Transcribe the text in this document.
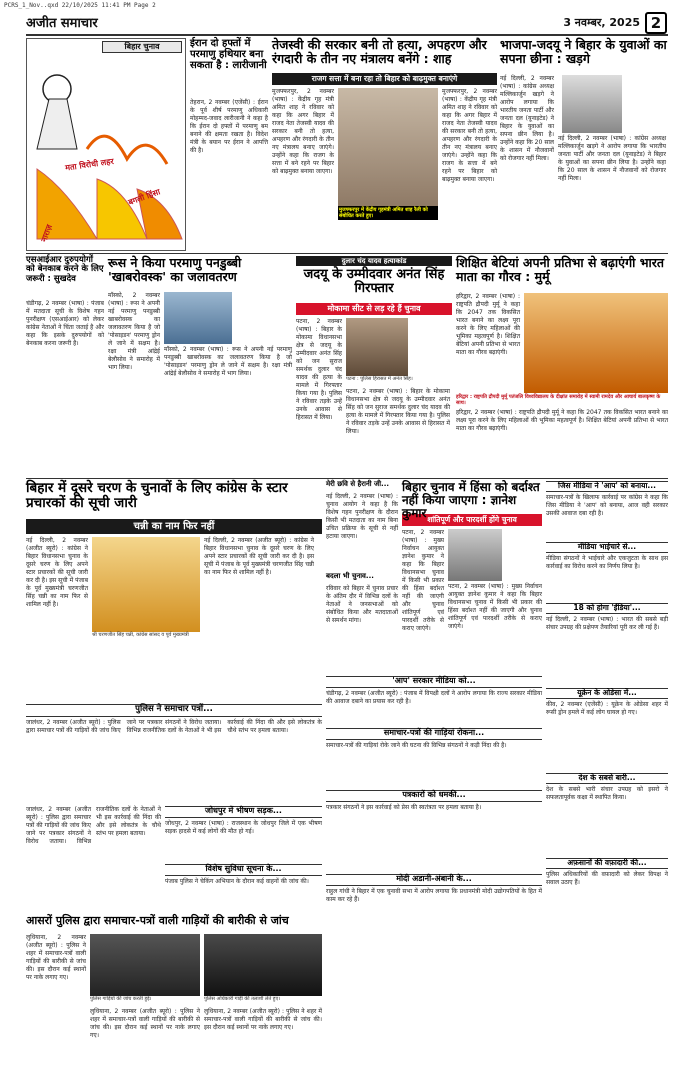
PCRS_1_Nov..qxd 22/10/2025 11:41 PM Page 2
अजीत समाचार	3 नवम्बर, 2025 2
बिहार चुनाव
मता विरोधी लहर
बगली हिंसा
नाराज़
ईरान दो हफ्तों में परमाणु हथियार बना सकता है : लारीजानी
तेहरान, 2 नवम्बर (एजेंसी) : ईरान के पूर्व शीर्ष परमाणु अधिकारी मोहम्मद-जवाद लारीजानी ने कहा है कि ईरान दो हफ्तों में परमाणु बम बनाने की क्षमता रखता है। विदेश मंत्री के बयान पर ईरान ने आपत्ति की है।
तेजस्वी की सरकार बनी तो हत्या, अपहरण और रंगदारी के तीन नए मंत्रालय बनेंगे : शाह
राजग सत्ता में बना रहा तो बिहार को बाढ़मुक्त बनाएंगे
मुजफ्फरपुर, 2 नवम्बर (भाषा) : केंद्रीय गृह मंत्री अमित शाह ने रविवार को कहा कि अगर बिहार में राजद नेता तेजस्वी यादव की सरकार बनी तो हत्या, अपहरण और रंगदारी के तीन नए मंत्रालय बनाए जाएंगे। उन्होंने कहा कि राजग के सत्ता में बने रहने पर बिहार को बाढ़मुक्त बनाया जाएगा।
मुजफ्फरपुर में केंद्रीय गृहमंत्री अमित शाह रैली को संबोधित करते हुए।
मुजफ्फरपुर, 2 नवम्बर (भाषा) : केंद्रीय गृह मंत्री अमित शाह ने रविवार को कहा कि अगर बिहार में राजद नेता तेजस्वी यादव की सरकार बनी तो हत्या, अपहरण और रंगदारी के तीन नए मंत्रालय बनाए जाएंगे। उन्होंने कहा कि राजग के सत्ता में बने रहने पर बिहार को बाढ़मुक्त बनाया जाएगा।
भाजपा-जदयू ने बिहार के युवाओं का सपना छीना : खड़गे
नई दिल्ली, 2 नवम्बर (भाषा) : कांग्रेस अध्यक्ष मल्लिकार्जुन खड़गे ने आरोप लगाया कि भारतीय जनता पार्टी और जनता दल (यूनाइटेड) ने बिहार के युवाओं का सपना छीन लिया है। उन्होंने कहा कि 20 साल के शासन में नौजवानों को रोजगार नहीं मिला।
नई दिल्ली, 2 नवम्बर (भाषा) : कांग्रेस अध्यक्ष मल्लिकार्जुन खड़गे ने आरोप लगाया कि भारतीय जनता पार्टी और जनता दल (यूनाइटेड) ने बिहार के युवाओं का सपना छीन लिया है। उन्होंने कहा कि 20 साल के शासन में नौजवानों को रोजगार नहीं मिला।
एसआईआर दुरुपयोगों को बेनकाब करने के लिए जरूरी : सुखदेव
चंडीगढ़, 2 नवम्बर (भाषा) : पंजाब में मतदाता सूची के विशेष गहन पुनरीक्षण (एसआईआर) को लेकर कांग्रेस नेताओं ने चिंता जताई है और कहा कि इसके दुरुपयोगों को बेनकाब करना जरूरी है।
रूस ने किया परमाणु पनडुब्बी 'खाबरोवस्क' का जलावतरण
मॉस्को, 2 नवम्बर (भाषा) : रूस ने अपनी नई परमाणु पनडुब्बी खाबरोवस्क का जलावतरण किया है जो 'पोसाइडन' परमाणु ड्रोन ले जाने में सक्षम है। रक्षा मंत्री आंद्रेई बेलौसोव ने समारोह में भाग लिया।
मॉस्को, 2 नवम्बर (भाषा) : रूस ने अपनी नई परमाणु पनडुब्बी खाबरोवस्क का जलावतरण किया है जो 'पोसाइडन' परमाणु ड्रोन ले जाने में सक्षम है। रक्षा मंत्री आंद्रेई बेलौसोव ने समारोह में भाग लिया।
दुलार चंद यादव हत्याकांड
जदयू के उम्मीदवार अनंत सिंह गिरफ्तार
मोकामा सीट से लड़ रहे हैं चुनाव
पटना, 2 नवम्बर (भाषा) : बिहार के मोकामा विधानसभा क्षेत्र से जदयू के उम्मीदवार अनंत सिंह को जन सुराज समर्थक दुलार चंद यादव की हत्या के मामले में गिरफ्तार किया गया है। पुलिस ने रविवार तड़के उन्हें उनके आवास से हिरासत में लिया।
पटना : पुलिस हिरासत में अनंत सिंह।
पटना, 2 नवम्बर (भाषा) : बिहार के मोकामा विधानसभा क्षेत्र से जदयू के उम्मीदवार अनंत सिंह को जन सुराज समर्थक दुलार चंद यादव की हत्या के मामले में गिरफ्तार किया गया है। पुलिस ने रविवार तड़के उन्हें उनके आवास से हिरासत में लिया।
शिक्षित बेटियां अपनी प्रतिभा से बढ़ाएंगी भारत माता का गौरव : मुर्मू
हरिद्वार, 2 नवम्बर (भाषा) : राष्ट्रपति द्रौपदी मुर्मू ने कहा कि 2047 तक विकसित भारत बनाने का लक्ष्य पूरा करने के लिए महिलाओं की भूमिका महत्वपूर्ण है। शिक्षित बेटियां अपनी प्रतिभा से भारत माता का गौरव बढ़ाएंगी।
हरिद्वार : राष्ट्रपति द्रौपदी मुर्मू पतंजलि विश्वविद्यालय के दीक्षांत समारोह में स्वामी रामदेव और आचार्य बालकृष्ण के साथ।
हरिद्वार, 2 नवम्बर (भाषा) : राष्ट्रपति द्रौपदी मुर्मू ने कहा कि 2047 तक विकसित भारत बनाने का लक्ष्य पूरा करने के लिए महिलाओं की भूमिका महत्वपूर्ण है। शिक्षित बेटियां अपनी प्रतिभा से भारत माता का गौरव बढ़ाएंगी।
बिहार में दूसरे चरण के चुनावों के लिए कांग्रेस के स्टार प्रचारकों की सूची जारी
चन्नी का नाम फिर नहीं
नई दिल्ली, 2 नवम्बर (अजीत ब्यूरो) : कांग्रेस ने बिहार विधानसभा चुनाव के दूसरे चरण के लिए अपने स्टार प्रचारकों की सूची जारी कर दी है। इस सूची में पंजाब के पूर्व मुख्यमंत्री चरणजीत सिंह चन्नी का नाम फिर से शामिल नहीं है।
श्री चरणजीत सिंह चन्नी, कांग्रेस सांसद व पूर्व मुख्यमंत्री
नई दिल्ली, 2 नवम्बर (अजीत ब्यूरो) : कांग्रेस ने बिहार विधानसभा चुनाव के दूसरे चरण के लिए अपने स्टार प्रचारकों की सूची जारी कर दी है। इस सूची में पंजाब के पूर्व मुख्यमंत्री चरणजीत सिंह चन्नी का नाम फिर से शामिल नहीं है।
मेरी छवि से हैरानी जी...
नई दिल्ली, 2 नवम्बर (भाषा) : चुनाव आयोग ने कहा है कि विशेष गहन पुनरीक्षण के दौरान किसी भी मतदाता का नाम बिना उचित प्रक्रिया के सूची से नहीं हटाया जाएगा।
बिहार चुनाव में हिंसा को बर्दाश्त नहीं किया जाएगा : ज्ञानेश कुमार शांतिपूर्ण और पारदर्शी होंगे चुनाव
पटना, 2 नवम्बर (भाषा) : मुख्य निर्वाचन आयुक्त ज्ञानेश कुमार ने कहा कि बिहार विधानसभा चुनाव में किसी भी प्रकार की हिंसा बर्दाश्त नहीं की जाएगी और चुनाव शांतिपूर्ण एवं पारदर्शी तरीके से कराए जाएंगे।
पटना, 2 नवम्बर (भाषा) : मुख्य निर्वाचन आयुक्त ज्ञानेश कुमार ने कहा कि बिहार विधानसभा चुनाव में किसी भी प्रकार की हिंसा बर्दाश्त नहीं की जाएगी और चुनाव शांतिपूर्ण एवं पारदर्शी तरीके से कराए जाएंगे।
बदला भी चुनाव...
रविवार को बिहार में चुनाव प्रचार के अंतिम दौर में विभिन्न दलों के नेताओं ने जनसभाओं को संबोधित किया और मतदाताओं से समर्थन मांगा।
जिस मीडिया ने 'आप' को बनाया...
समाचार-पत्रों के खिलाफ कार्रवाई पर कांग्रेस ने कहा कि जिस मीडिया ने 'आप' को बनाया, आज वही सरकार उसकी आवाज दबा रही है।
मीडिया भाईचारे से...
मीडिया संगठनों ने भाईचारे और एकजुटता के साथ इस कार्रवाई का विरोध करने का निर्णय लिया है।
18 को होगा 'ईंडिया'...
नई दिल्ली, 2 नवम्बर (भाषा) : भारत की सबसे बड़ी संचार उपग्रह की प्रक्षेपण तैयारियां पूरी कर ली गई हैं।
यूक्रेन के ओडेसा में...
कीव, 2 नवम्बर (एजेंसी) : यूक्रेन के ओडेसा शहर में रूसी ड्रोन हमले में कई लोग घायल हो गए।
देश के सबसे बारी...
देश के सबसे भारी संचार उपग्रह को इसरो ने सफलतापूर्वक कक्षा में स्थापित किया।
अफ़सानों की वफ़ादारी की...
पुलिस अधिकारियों की वफ़ादारी को लेकर विपक्ष ने सवाल उठाए हैं।
'आप' सरकार मीडिया को...
चंडीगढ़, 2 नवम्बर (अजीत ब्यूरो) : पंजाब में विपक्षी दलों ने आरोप लगाया कि राज्य सरकार मीडिया की आवाज दबाने का प्रयास कर रही है।
समाचार-पत्रों की गाड़ियां रोकना...
समाचार-पत्रों की गाड़ियां रोके जाने की घटना की विभिन्न संगठनों ने कड़ी निंदा की है।
पत्रकारों को धमकी...
पत्रकार संगठनों ने इस कार्रवाई को प्रेस की स्वतंत्रता पर हमला बताया है।
मोदी अडानी-अंबानी के...
राहुल गांधी ने बिहार में एक चुनावी सभा में आरोप लगाया कि प्रधानमंत्री मोदी उद्योगपतियों के हित में काम कर रहे हैं।
पुलिस ने समाचार पत्रों...
जालंधर, 2 नवम्बर (अजीत ब्यूरो) : पुलिस द्वारा समाचार पत्रों की गाड़ियों की जांच किए जाने पर पत्रकार संगठनों ने विरोध जताया। विभिन्न राजनीतिक दलों के नेताओं ने भी इस कार्रवाई की निंदा की और इसे लोकतंत्र के चौथे स्तंभ पर हमला बताया।
जोधपुर में भीषण सड़क...
जोधपुर, 2 नवम्बर (भाषा) : राजस्थान के जोधपुर जिले में एक भीषण सड़क हादसे में कई लोगों की मौत हो गई।
विशेष सुविधा सूचना के...
पंजाब पुलिस ने चेकिंग अभियान के दौरान कई वाहनों की जांच की।
जालंधर, 2 नवम्बर (अजीत ब्यूरो) : पुलिस द्वारा समाचार पत्रों की गाड़ियों की जांच किए जाने पर पत्रकार संगठनों ने विरोध जताया। विभिन्न राजनीतिक दलों के नेताओं ने भी इस कार्रवाई की निंदा की और इसे लोकतंत्र के चौथे स्तंभ पर हमला बताया।
आसरों पुलिस द्वारा समाचार-पत्रों वाली गाड़ियों की बारीकी से जांच
लुधियाना, 2 नवम्बर (अजीत ब्यूरो) : पुलिस ने शहर में समाचार-पत्रों वाली गाड़ियों की बारीकी से जांच की। इस दौरान कई स्थानों पर नाके लगाए गए।
पुलिस गाड़ियों की जांच करती हुई।
लुधियाना, 2 नवम्बर (अजीत ब्यूरो) : पुलिस ने शहर में समाचार-पत्रों वाली गाड़ियों की बारीकी से जांच की। इस दौरान कई स्थानों पर नाके लगाए गए।
पुलिस अधिकारी गाड़ी की तलाशी लेते हुए।
लुधियाना, 2 नवम्बर (अजीत ब्यूरो) : पुलिस ने शहर में समाचार-पत्रों वाली गाड़ियों की बारीकी से जांच की। इस दौरान कई स्थानों पर नाके लगाए गए।
